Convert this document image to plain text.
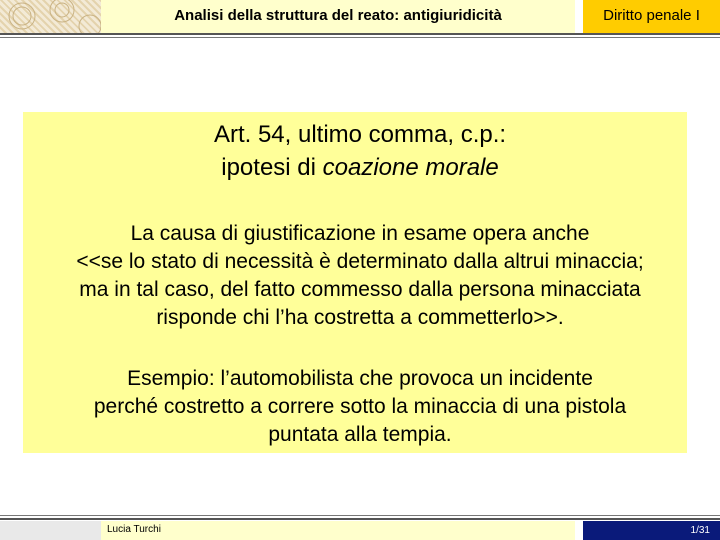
Analisi della struttura del reato: antigiuridicità	Diritto penale I
Art. 54, ultimo comma, c.p.:
ipotesi di coazione morale
La causa di giustificazione in esame opera anche
<<se lo stato di necessità è determinato dalla altrui minaccia;
ma in tal caso, del fatto commesso dalla persona minacciata
risponde chi l’ha costretta a commetterlo>>.
Esempio: l’automobilista che provoca un incidente
perché costretto a correre sotto la minaccia di una pistola
puntata alla tempia.
Lucia Turchi	1/31
